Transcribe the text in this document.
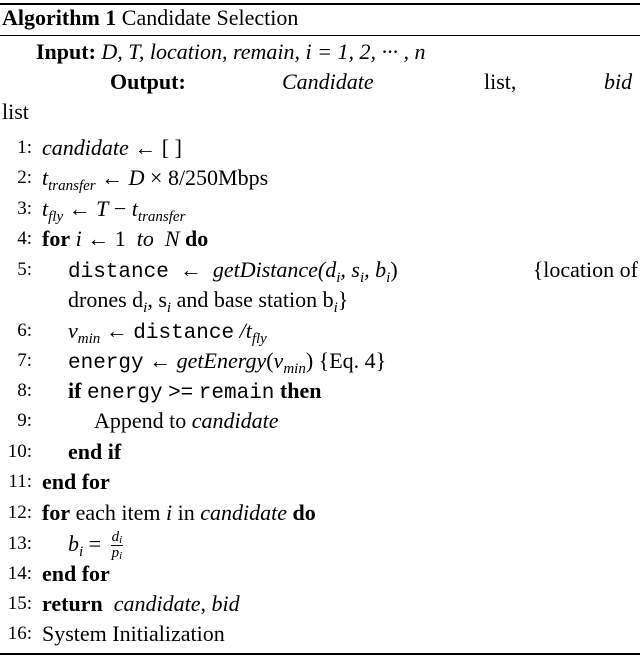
Algorithm 1 Candidate Selection
Input: D, T, location, remain, i = 1, 2, ··· , n
Output:	Candidate	list,	bid
list
1: candidate ← [ ]
2: $t_{transfer}$ ← D × 8/250Mbps
3: $t_{fly}$ ← $T - t_{transfer}$
4: for i ← 1 to N do
5: distance ← $getDistance(d_i$, $s_i$, $b_i$)	{location of
drones $d_i$, $s_i$ and base station $b_i$}
6: $v_{min}$ ← distance $/t_{fly}$
7: energy ← $getEnergy(v_{min})$ {Eq. 4}
8: if energy >= remain then
9:	Append to candidate
10: end if
11: end for
12: for each item i in candidate do
13: $b_i = \frac{d_i}{p_i}$
14: end for
15: return candidate, bid
16: System Initialization
